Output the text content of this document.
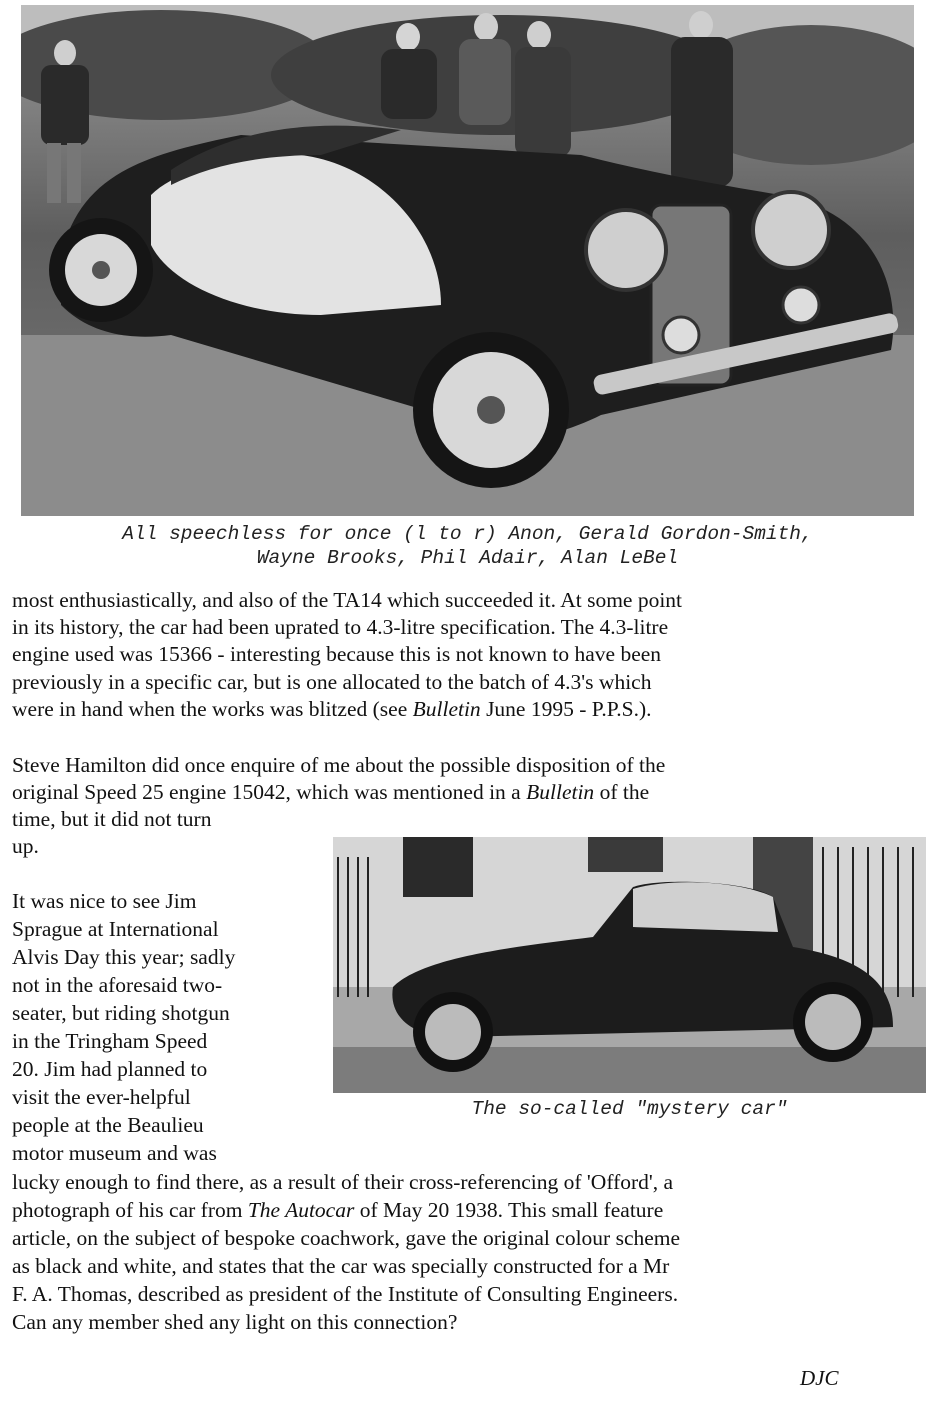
All speechless for once (l to r) Anon, Gerald Gordon-Smith,
Wayne Brooks, Phil Adair, Alan LeBel
most enthusiastically, and also of the TA14 which succeeded it. At some point
in its history, the car had been uprated to 4.3-litre specification. The 4.3-litre
engine used was 15366 - interesting because this is not known to have been
previously in a specific car, but is one allocated to the batch of 4.3's which
were in hand when the works was blitzed (see Bulletin June 1995 - P.P.S.).
Steve Hamilton did once enquire of me about the possible disposition of the
original Speed 25 engine 15042, which was mentioned in a Bulletin of the
time, but it did not turn
up.
The so-called "mystery car"
It was nice to see Jim
Sprague at International
Alvis Day this year; sadly
not in the aforesaid two-
seater, but riding shotgun
in the Tringham Speed
20. Jim had planned to
visit the ever-helpful
people at the Beaulieu
motor museum and was
lucky enough to find there, as a result of their cross-referencing of 'Offord', a
photograph of his car from The Autocar of May 20 1938. This small feature
article, on the subject of bespoke coachwork, gave the original colour scheme
as black and white, and states that the car was specially constructed for a Mr
F. A. Thomas, described as president of the Institute of Consulting Engineers.
Can any member shed any light on this connection?
DJC
